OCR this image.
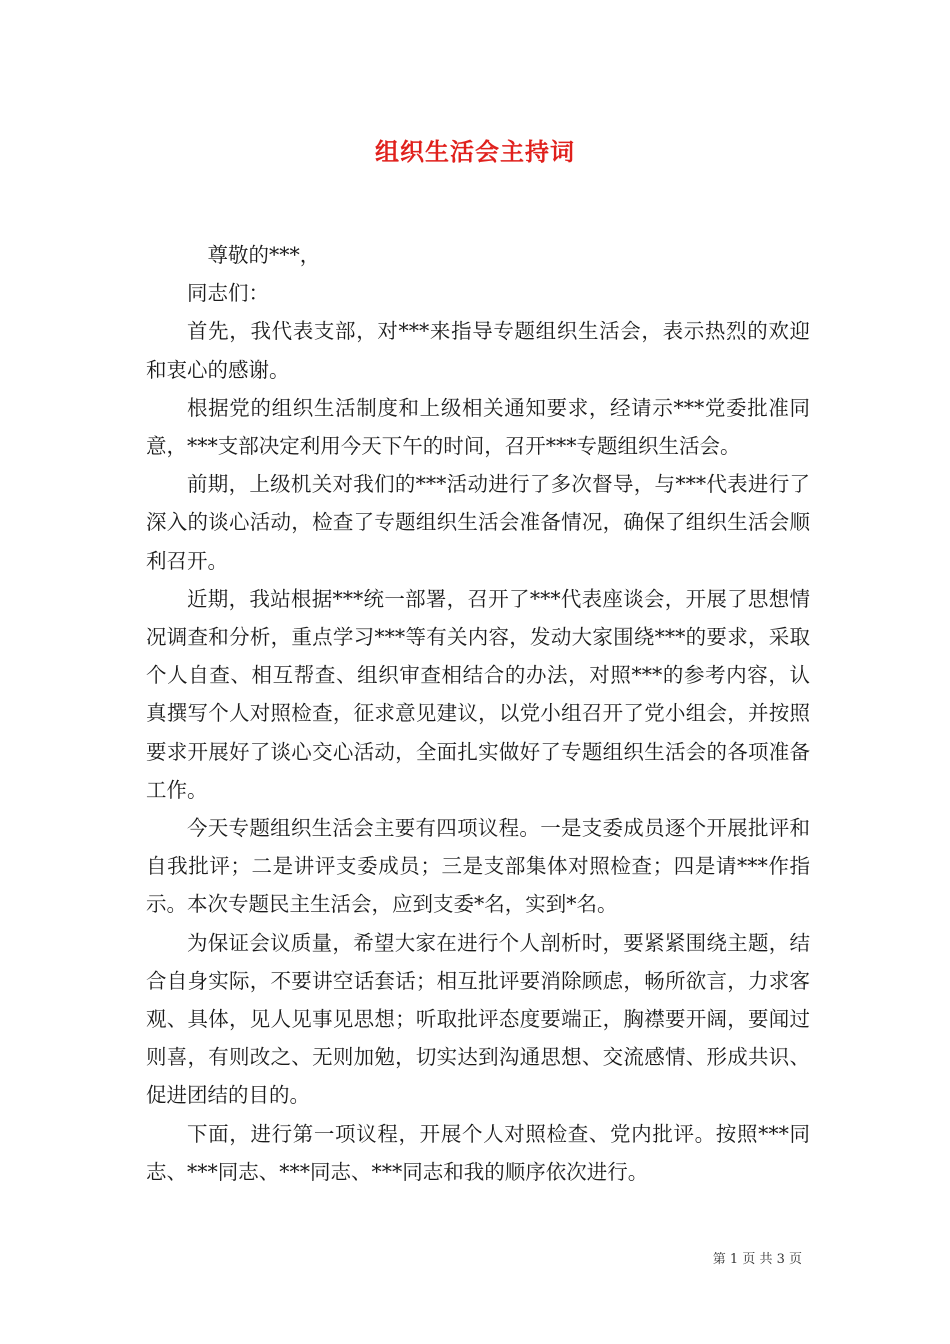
组织生活会主持词

尊敬的***，

同志们：

首先，我代表支部，对***来指导专题组织生活会，表示热烈的欢迎和衷心的感谢。

根据党的组织生活制度和上级相关通知要求，经请示***党委批准同意，***支部决定利用今天下午的时间，召开***专题组织生活会。

前期，上级机关对我们的***活动进行了多次督导，与***代表进行了深入的谈心活动，检查了专题组织生活会准备情况，确保了组织生活会顺利召开。

近期，我站根据***统一部署，召开了***代表座谈会，开展了思想情况调查和分析，重点学习***等有关内容，发动大家围绕***的要求，采取个人自查、相互帮查、组织审查相结合的办法，对照***的参考内容，认真撰写个人对照检查，征求意见建议，以党小组召开了党小组会，并按照要求开展好了谈心交心活动，全面扎实做好了专题组织生活会的各项准备工作。

今天专题组织生活会主要有四项议程。一是支委成员逐个开展批评和自我批评；二是讲评支委成员；三是支部集体对照检查；四是请***作指示。本次专题民主生活会，应到支委*名，实到*名。

为保证会议质量，希望大家在进行个人剖析时，要紧紧围绕主题，结合自身实际，不要讲空话套话；相互批评要消除顾虑，畅所欲言，力求客观、具体，见人见事见思想；听取批评态度要端正，胸襟要开阔，要闻过则喜，有则改之、无则加勉，切实达到沟通思想、交流感情、形成共识、促进团结的目的。

下面，进行第一项议程，开展个人对照检查、党内批评。按照***同志、***同志、***同志、***同志和我的顺序依次进行。

第 1 页 共 3 页
